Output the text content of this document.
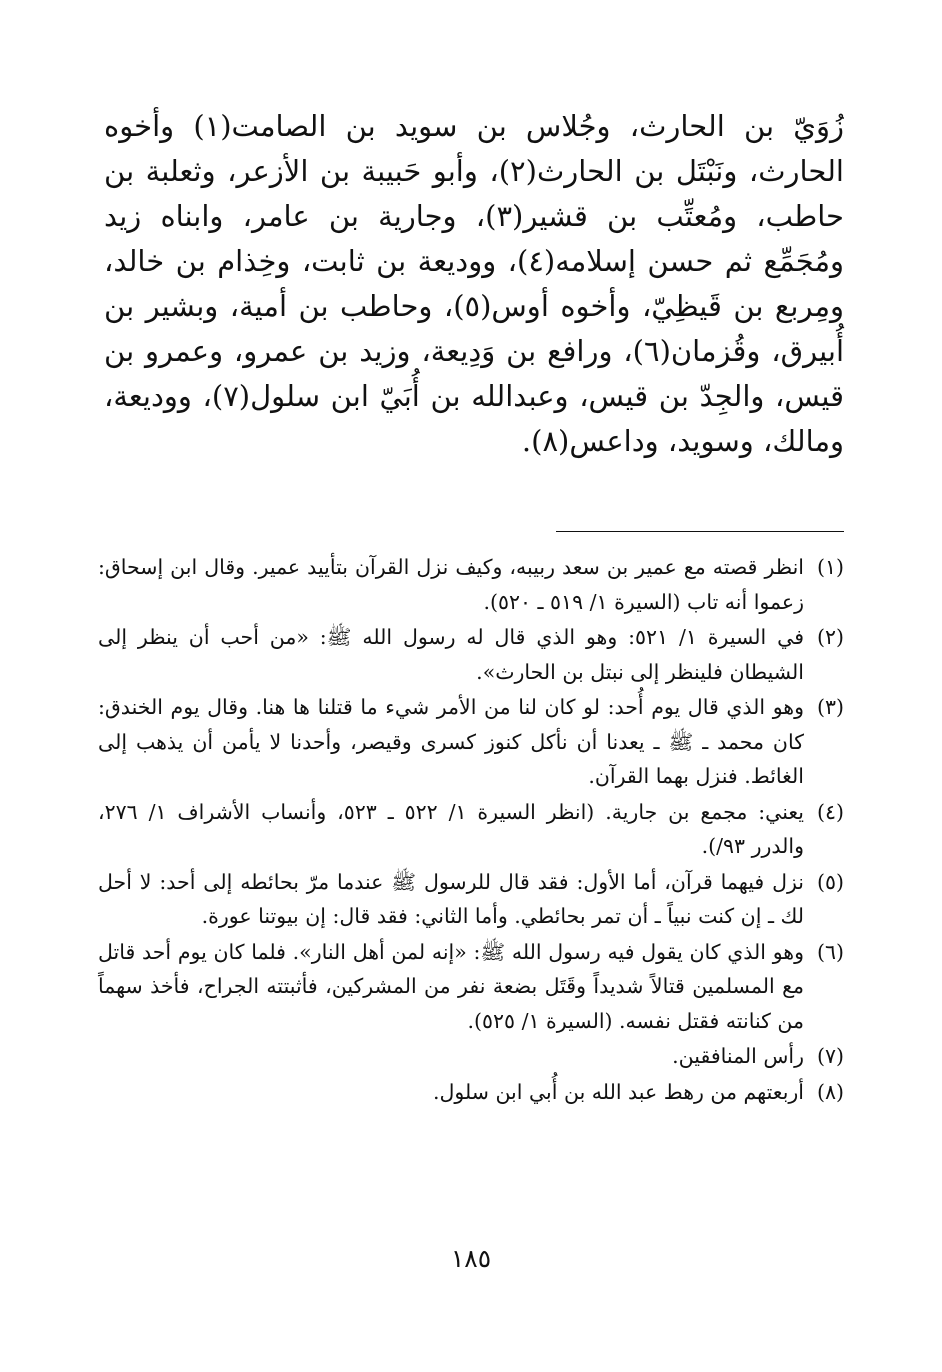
زُوَيّ بن الحارث، وجُلاس بن سويد بن الصامت(١) وأخوه الحارث، ونَبْتَل بن الحارث(٢)، وأبو حَبيبة بن الأزعر، وثعلبة بن حاطب، ومُعتِّب بن قشير(٣)، وجارية بن عامر، وابناه زيد ومُجَمِّع ثم حسن إسلامه(٤)، ووديعة بن ثابت، وخِذام بن خالد، ومِربع بن قَيظِيّ، وأخوه أوس(٥)، وحاطب بن أمية، وبشير بن أُبيرق، وقُزمان(٦)، ورافع بن وَدِيعة، وزيد بن عمرو، وعمرو بن قيس، والجِدّ بن قيس، وعبدالله بن أُبَيّ ابن سلول(٧)، ووديعة، ومالك، وسويد، وداعس(٨).

(١)
انظر قصته مع عمير بن سعد ربيبه، وكيف نزل القرآن بتأييد عمير. وقال ابن إسحاق: زعموا أنه تاب (السيرة ١/ ٥١٩ ـ ٥٢٠).
(٢)
في السيرة ١/ ٥٢١: وهو الذي قال له رسول الله ﷺ: «من أحب أن ينظر إلى الشيطان فلينظر إلى نبتل بن الحارث».
(٣)
وهو الذي قال يوم أُحد: لو كان لنا من الأمر شيء ما قتلنا ها هنا. وقال يوم الخندق: كان محمد ـ ﷺ ـ يعدنا أن نأكل كنوز كسرى وقيصر، وأحدنا لا يأمن أن يذهب إلى الغائط. فنزل بهما القرآن.
(٤)
يعني: مجمع بن جارية. (انظر السيرة ١/ ٥٢٢ ـ ٥٢٣، وأنساب الأشراف ١/ ٢٧٦، والدرر ٩٣/).
(٥)
نزل فيهما قرآن، أما الأول: فقد قال للرسول ﷺ عندما مرّ بحائطه إلى أحد: لا أحل لك ـ إن كنت نبياً ـ أن تمر بحائطي. وأما الثاني: فقد قال: إن بيوتنا عورة.
(٦)
وهو الذي كان يقول فيه رسول الله ﷺ: «إنه لمن أهل النار». فلما كان يوم أحد قاتل مع المسلمين قتالاً شديداً وقَتَل بضعة نفر من المشركين، فأثبتته الجراح، فأخذ سهماً من كنانته فقتل نفسه. (السيرة ١/ ٥٢٥).
(٧)
رأس المنافقين.
(٨)
أربعتهم من رهط عبد الله بن أُبي ابن سلول.
١٨٥
